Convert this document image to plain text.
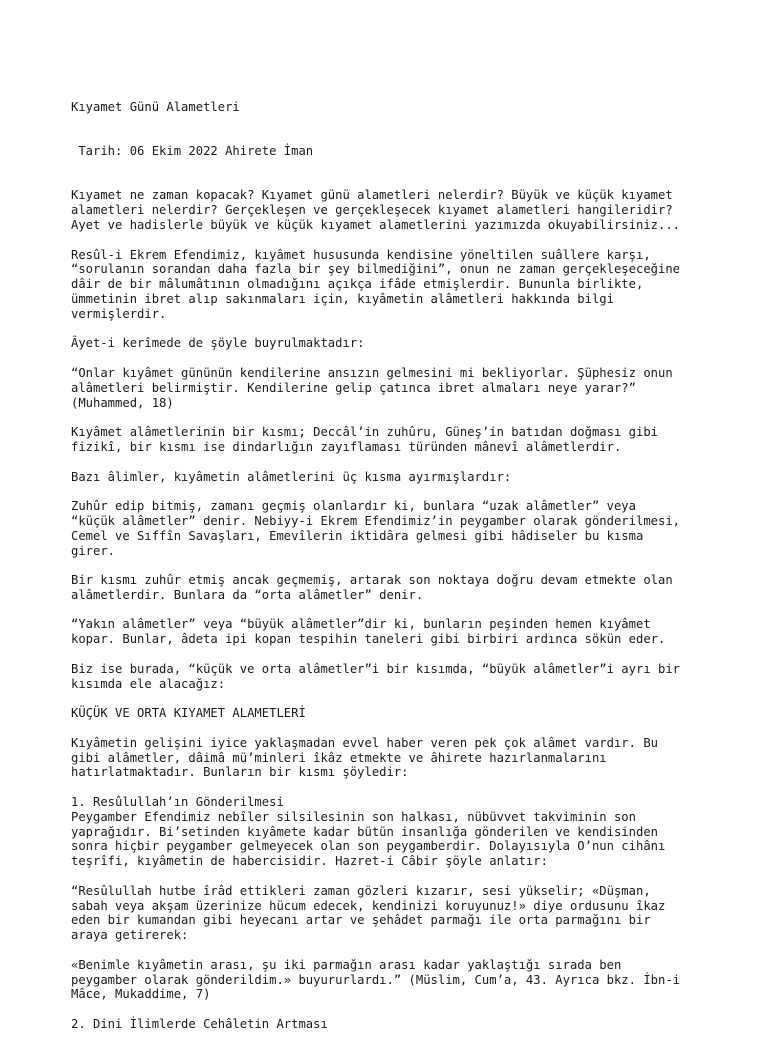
Kıyamet Günü Alametleri

Tarih: 06 Ekim 2022 Ahirete İman

Kıyamet ne zaman kopacak? Kıyamet günü alametleri nelerdir? Büyük ve küçük kıyamet
alametleri nelerdir? Gerçekleşen ve gerçekleşecek kıyamet alametleri hangileridir?
Ayet ve hadislerle büyük ve küçük kıyamet alametlerini yazımızda okuyabilirsiniz...
Resûl-i Ekrem Efendimiz, kıyâmet hususunda kendisine yöneltilen suâllere karşı,
“sorulanın sorandan daha fazla bir şey bilmediğini”, onun ne zaman gerçekleşeceğine
dâir de bir mâlumâtının olmadığını açıkça ifâde etmişlerdir. Bununla birlikte,
ümmetinin ibret alıp sakınmaları için, kıyâmetin alâmetleri hakkında bilgi
vermişlerdir.
Âyet-i kerîmede de şöyle buyrulmaktadır:
“Onlar kıyâmet gününün kendilerine ansızın gelmesini mi bekliyorlar. Şüphesiz onun
alâmetleri belirmiştir. Kendilerine gelip çatınca ibret almaları neye yarar?”
(Muhammed, 18)
Kıyâmet alâmetlerinin bir kısmı; Deccâl’in zuhûru, Güneş’in batıdan doğması gibi
fizikî, bir kısmı ise dindarlığın zayıflaması türünden mânevî alâmetlerdir.
Bazı âlimler, kıyâmetin alâmetlerini üç kısma ayırmışlardır:
Zuhûr edip bitmiş, zamanı geçmiş olanlardır ki, bunlara “uzak alâmetler” veya
“küçük alâmetler” denir. Nebiyy-i Ekrem Efendimiz’in peygamber olarak gönderilmesi,
Cemel ve Sıffîn Savaşları, Emevîlerin iktidâra gelmesi gibi hâdiseler bu kısma
girer.
Bir kısmı zuhûr etmiş ancak geçmemiş, artarak son noktaya doğru devam etmekte olan
alâmetlerdir. Bunlara da “orta alâmetler” denir.
“Yakın alâmetler” veya “büyük alâmetler”dir ki, bunların peşinden hemen kıyâmet
kopar. Bunlar, âdeta ipi kopan tespihin taneleri gibi birbiri ardınca sökün eder.
Biz ise burada, “küçük ve orta alâmetler”i bir kısımda, “büyük alâmetler”i ayrı bir
kısımda ele alacağız:
KÜÇÜK VE ORTA KIYAMET ALAMETLERİ
Kıyâmetin gelişini iyice yaklaşmadan evvel haber veren pek çok alâmet vardır. Bu
gibi alâmetler, dâimâ mü’minleri îkâz etmekte ve âhirete hazırlanmalarını
hatırlatmaktadır. Bunların bir kısmı şöyledir:
1. Resûlullah’ın Gönderilmesi
Peygamber Efendimiz nebîler silsilesinin son halkası, nübüvvet takviminin son
yaprağıdır. Bi’setinden kıyâmete kadar bütün insanlığa gönderilen ve kendisinden
sonra hiçbir peygamber gelmeyecek olan son peygamberdir. Dolayısıyla O’nun cihânı
teşrîfi, kıyâmetin de habercisidir. Hazret-i Câbir şöyle anlatır:
“Resûlullah hutbe îrâd ettikleri zaman gözleri kızarır, sesi yükselir; «Düşman,
sabah veya akşam üzerinize hücum edecek, kendinizi koruyunuz!» diye ordusunu îkaz
eden bir kumandan gibi heyecanı artar ve şehâdet parmağı ile orta parmağını bir
araya getirerek:
«Benimle kıyâmetin arası, şu iki parmağın arası kadar yaklaştığı sırada ben
peygamber olarak gönderildim.» buyururlardı.” (Müslim, Cum’a, 43. Ayrıca bkz. İbn-i
Mâce, Mukaddime, 7)
2. Dini İlimlerde Cehâletin Artması
